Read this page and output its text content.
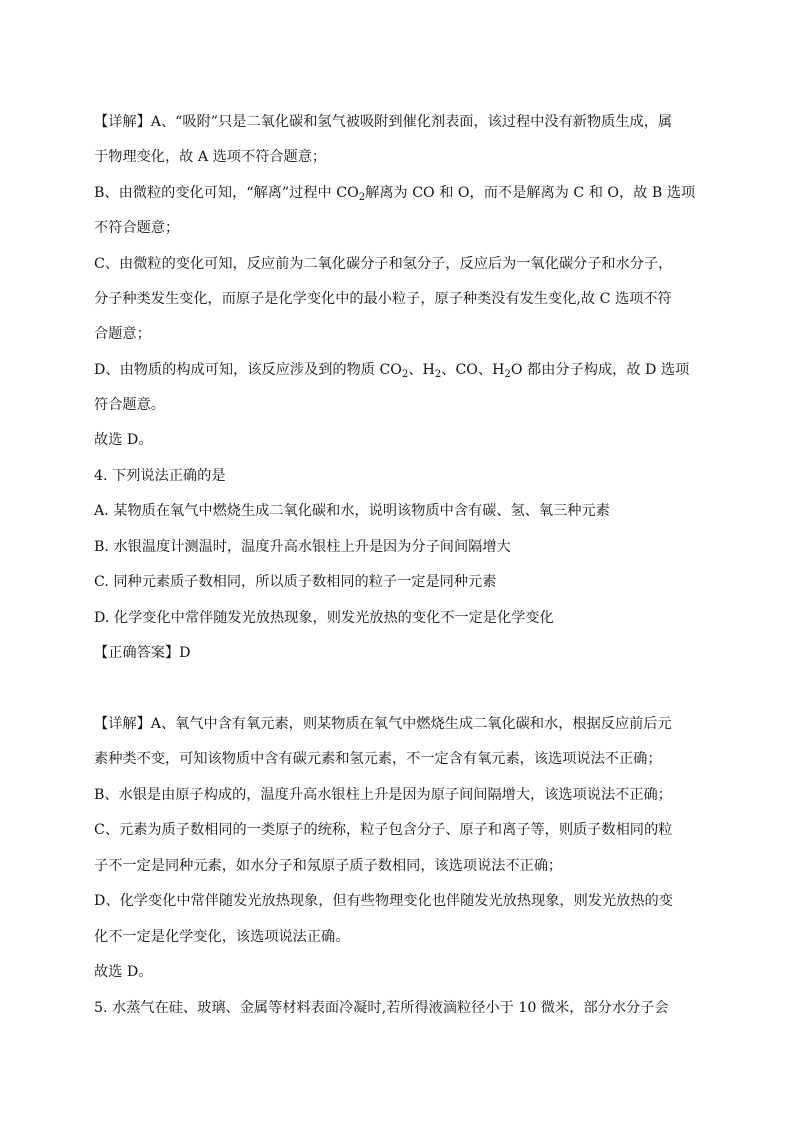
【详解】A、“吸附”只是二氧化碳和氢气被吸附到催化剂表面，该过程中没有新物质生成，属
于物理变化，故 A 选项不符合题意；
B、由微粒的变化可知，“解离”过程中 $CO_2$解离为 CO 和 O，而不是解离为 C 和 O，故 B 选项
不符合题意；
C、由微粒的变化可知，反应前为二氧化碳分子和氢分子，反应后为一氧化碳分子和水分子，
分子种类发生变化，而原子是化学变化中的最小粒子，原子种类没有发生变化,故 C 选项不符
合题意；
D、由物质的构成可知，该反应涉及到的物质 $CO_2$、$H_2$、CO、$H_2O$ 都由分子构成，故 D 选项
符合题意。
故选 D。
4. 下列说法正确的是
A. 某物质在氧气中燃烧生成二氧化碳和水，说明该物质中含有碳、氢、氧三种元素
B. 水银温度计测温时，温度升高水银柱上升是因为分子间间隔增大
C. 同种元素质子数相同，所以质子数相同的粒子一定是同种元素
D. 化学变化中常伴随发光放热现象，则发光放热的变化不一定是化学变化
【正确答案】D
【详解】A、氧气中含有氧元素，则某物质在氧气中燃烧生成二氧化碳和水，根据反应前后元
素种类不变，可知该物质中含有碳元素和氢元素，不一定含有氧元素，该选项说法不正确；
B、水银是由原子构成的，温度升高水银柱上升是因为原子间间隔增大，该选项说法不正确；
C、元素为质子数相同的一类原子的统称，粒子包含分子、原子和离子等，则质子数相同的粒
子不一定是同种元素，如水分子和氖原子质子数相同，该选项说法不正确；
D、化学变化中常伴随发光放热现象，但有些物理变化也伴随发光放热现象，则发光放热的变
化不一定是化学变化，该选项说法正确。
故选 D。
5. 水蒸气在硅、玻璃、金属等材料表面冷凝时,若所得液滴粒径小于 10 微米，部分水分子会
